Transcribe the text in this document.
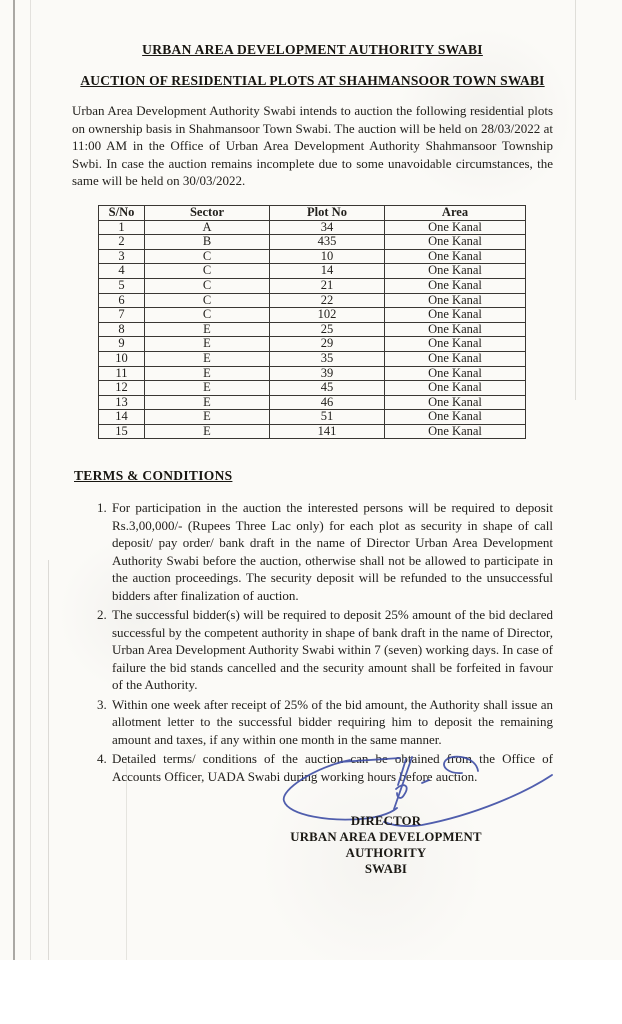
URBAN AREA DEVELOPMENT AUTHORITY SWABI
AUCTION OF RESIDENTIAL PLOTS AT SHAHMANSOOR TOWN SWABI

Urban Area Development Authority Swabi intends to auction the following residential plots on ownership basis in Shahmansoor Town Swabi. The auction will be held on 28/03/2022 at 11:00 AM in the Office of Urban Area Development Authority Shahmansoor Township Swbi. In case the auction remains incomplete due to some unavoidable circumstances, the same will be held on 30/03/2022.

S/No	Sector	Plot No	Area
1	A	34	One Kanal
2	B	435	One Kanal
3	C	10	One Kanal
4	C	14	One Kanal
5	C	21	One Kanal
6	C	22	One Kanal
7	C	102	One Kanal
8	E	25	One Kanal
9	E	29	One Kanal
10	E	35	One Kanal
11	E	39	One Kanal
12	E	45	One Kanal
13	E	46	One Kanal
14	E	51	One Kanal
15	E	141	One Kanal
TERMS & CONDITIONS
1. For participation in the auction the interested persons will be required to deposit Rs.3,00,000/- (Rupees Three Lac only) for each plot as security in shape of call deposit/ pay order/ bank draft in the name of Director Urban Area Development Authority Swabi before the auction, otherwise shall not be allowed to participate in the auction proceedings. The security deposit will be refunded to the unsuccessful bidders after finalization of auction.
2. The successful bidder(s) will be required to deposit 25% amount of the bid declared successful by the competent authority in shape of bank draft in the name of Director, Urban Area Development Authority Swabi within 7 (seven) working days. In case of failure the bid stands cancelled and the security amount shall be forfeited in favour of the Authority.
3. Within one week after receipt of 25% of the bid amount, the Authority shall issue an allotment letter to the successful bidder requiring him to deposit the remaining amount and taxes, if any within one month in the same manner.
4. Detailed terms/ conditions of the auction can be obtained from the Office of Accounts Officer, UADA Swabi during working hours before auction.

DIRECTOR

URBAN AREA DEVELOPMENT AUTHORITY

SWABI
